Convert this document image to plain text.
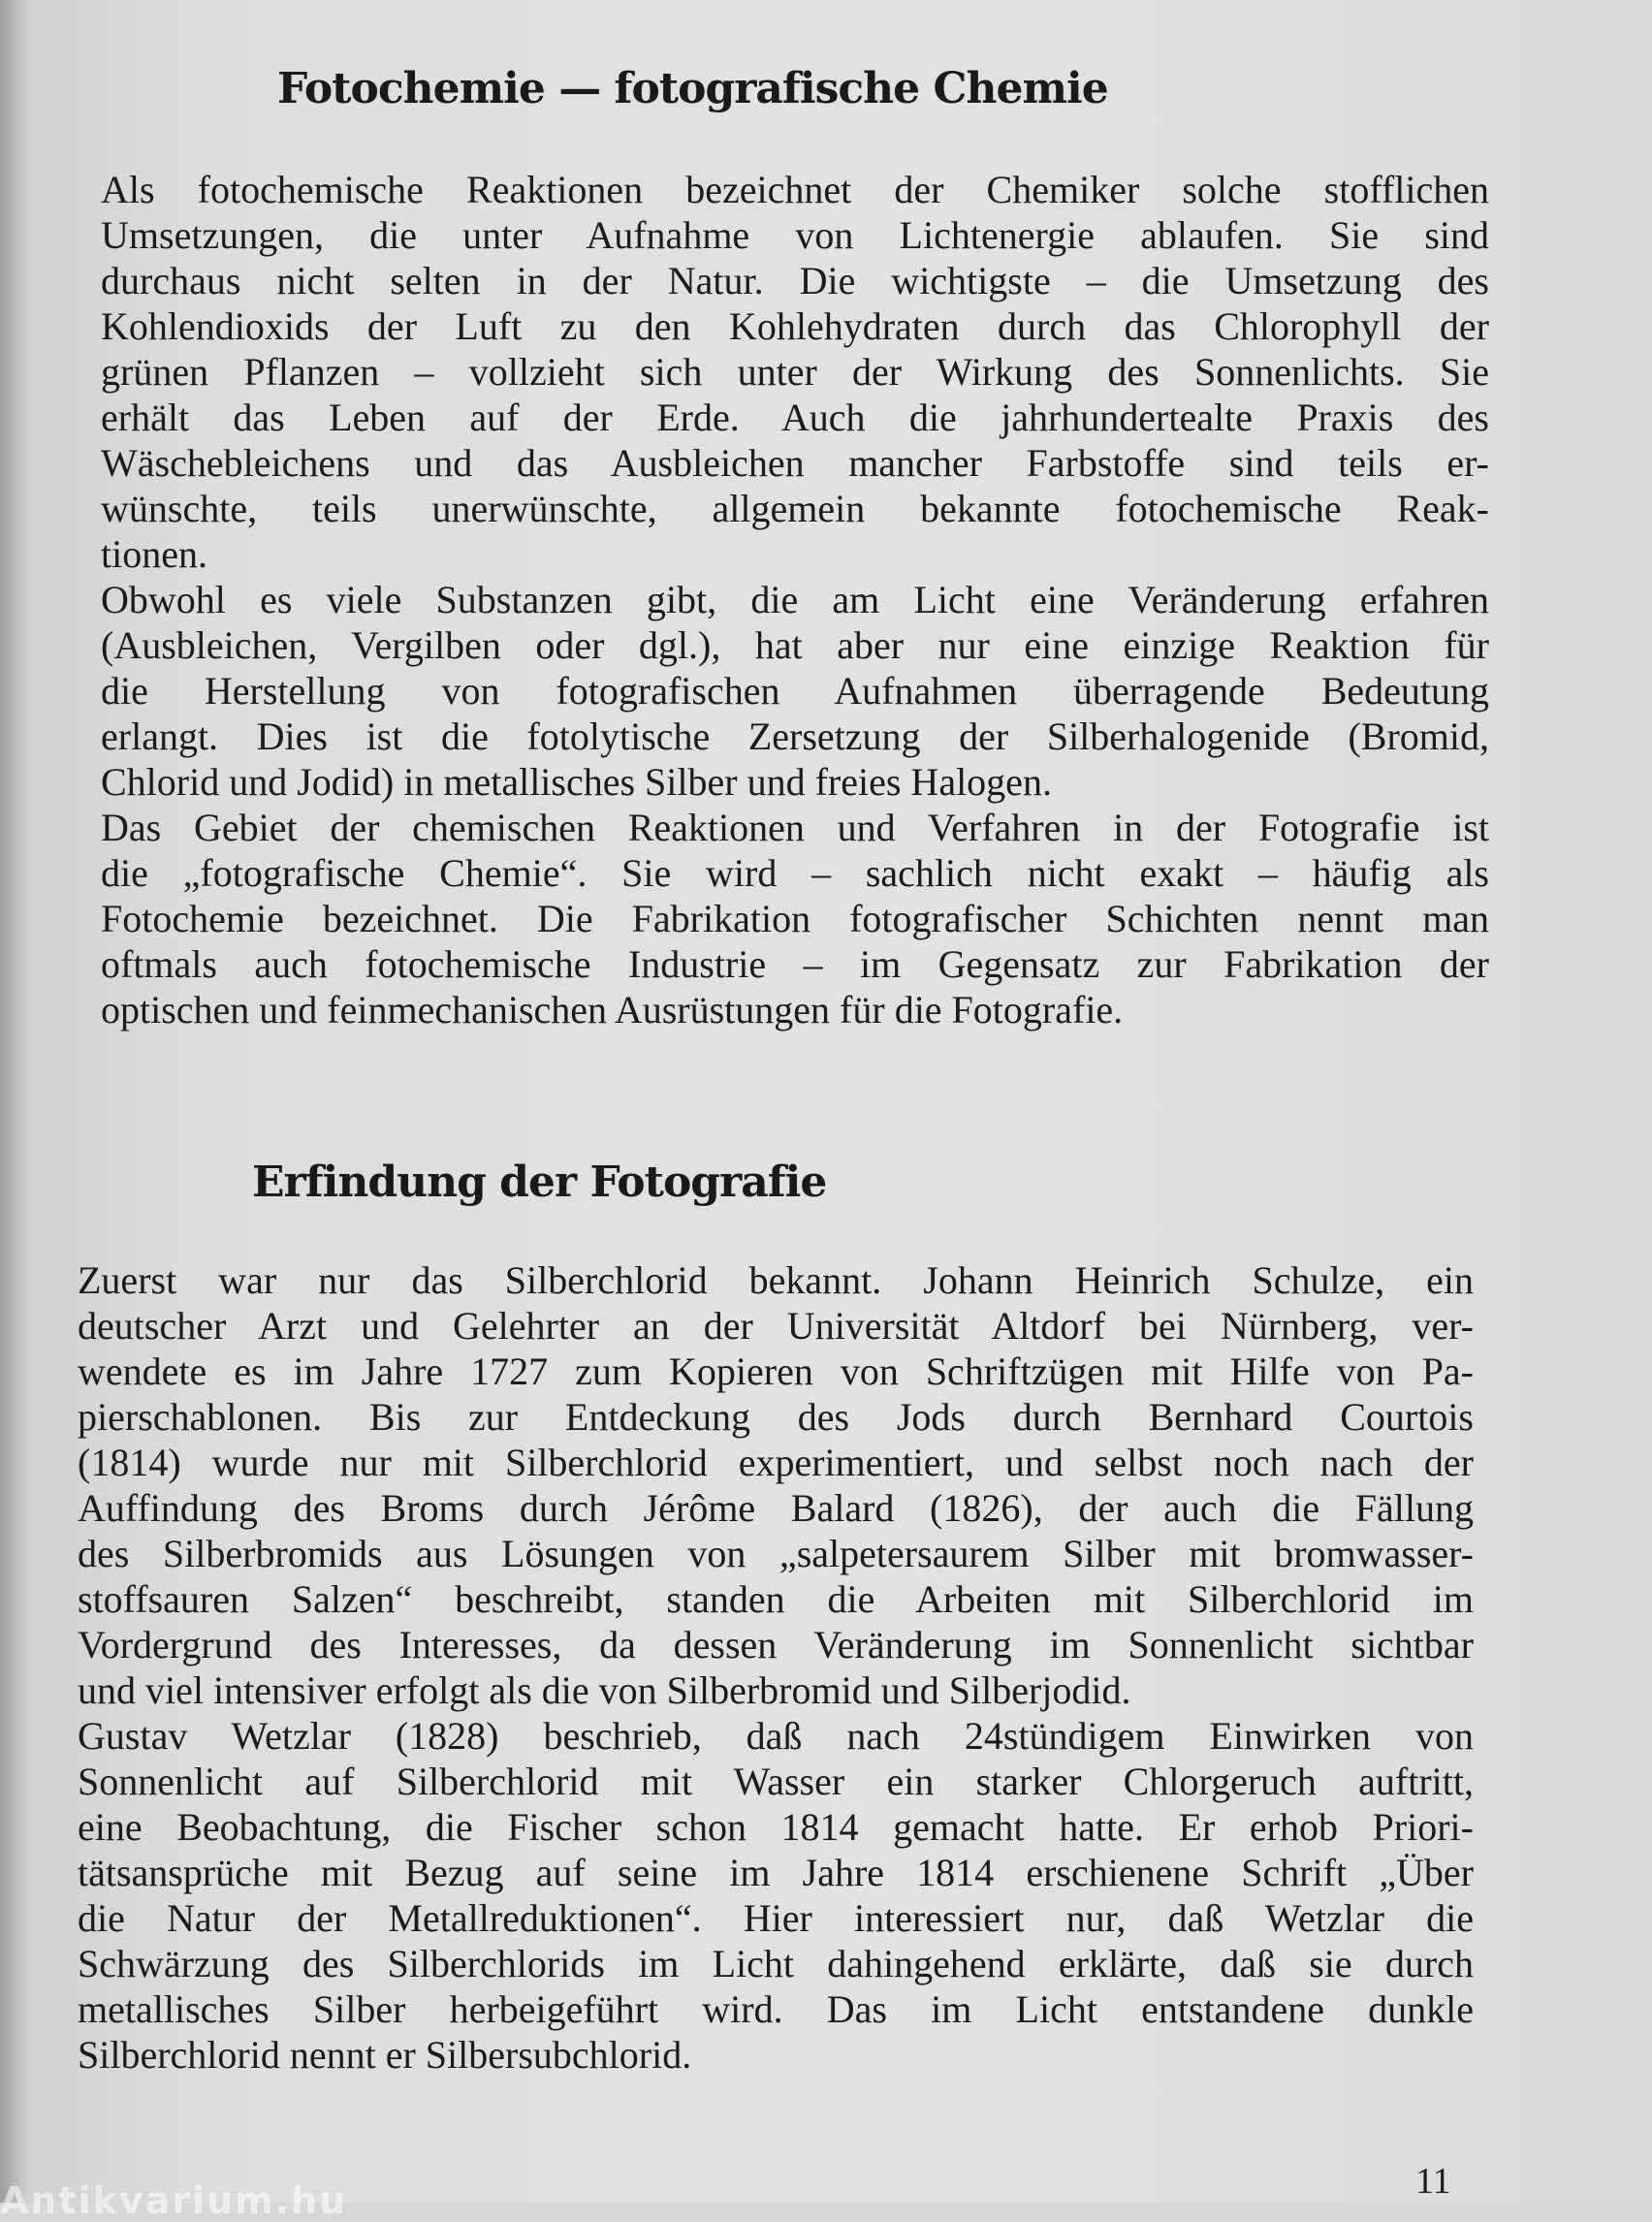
Fotochemie — fotografische Chemie
Als fotochemische Reaktionen bezeichnet der Chemiker solche stofflichen
Umsetzungen, die unter Aufnahme von Lichtenergie ablaufen. Sie sind
durchaus nicht selten in der Natur. Die wichtigste – die Umsetzung des
Kohlendioxids der Luft zu den Kohlehydraten durch das Chlorophyll der
grünen Pflanzen – vollzieht sich unter der Wirkung des Sonnenlichts. Sie
erhält das Leben auf der Erde. Auch die jahrhundertealte Praxis des
Wäschebleichens und das Ausbleichen mancher Farbstoffe sind teils er-
wünschte, teils unerwünschte, allgemein bekannte fotochemische Reak-
tionen.
Obwohl es viele Substanzen gibt, die am Licht eine Veränderung erfahren
(Ausbleichen, Vergilben oder dgl.), hat aber nur eine einzige Reaktion für
die Herstellung von fotografischen Aufnahmen überragende Bedeutung
erlangt. Dies ist die fotolytische Zersetzung der Silberhalogenide (Bromid,
Chlorid und Jodid) in metallisches Silber und freies Halogen.
Das Gebiet der chemischen Reaktionen und Verfahren in der Fotografie ist
die „fotografische Chemie“. Sie wird – sachlich nicht exakt – häufig als
Fotochemie bezeichnet. Die Fabrikation fotografischer Schichten nennt man
oftmals auch fotochemische Industrie – im Gegensatz zur Fabrikation der
optischen und feinmechanischen Ausrüstungen für die Fotografie.
Erfindung der Fotografie
Zuerst war nur das Silberchlorid bekannt. Johann Heinrich Schulze, ein
deutscher Arzt und Gelehrter an der Universität Altdorf bei Nürnberg, ver-
wendete es im Jahre 1727 zum Kopieren von Schriftzügen mit Hilfe von Pa-
pierschablonen. Bis zur Entdeckung des Jods durch Bernhard Courtois
(1814) wurde nur mit Silberchlorid experimentiert, und selbst noch nach der
Auffindung des Broms durch Jérôme Balard (1826), der auch die Fällung
des Silberbromids aus Lösungen von „salpetersaurem Silber mit bromwasser-
stoffsauren Salzen“ beschreibt, standen die Arbeiten mit Silberchlorid im
Vordergrund des Interesses, da dessen Veränderung im Sonnenlicht sichtbar
und viel intensiver erfolgt als die von Silberbromid und Silberjodid.
Gustav Wetzlar (1828) beschrieb, daß nach 24stündigem Einwirken von
Sonnenlicht auf Silberchlorid mit Wasser ein starker Chlorgeruch auftritt,
eine Beobachtung, die Fischer schon 1814 gemacht hatte. Er erhob Priori-
tätsansprüche mit Bezug auf seine im Jahre 1814 erschienene Schrift „Über
die Natur der Metallreduktionen“. Hier interessiert nur, daß Wetzlar die
Schwärzung des Silberchlorids im Licht dahingehend erklärte, daß sie durch
metallisches Silber herbeigeführt wird. Das im Licht entstandene dunkle
Silberchlorid nennt er Silbersubchlorid.

11

Antikvarium.hu
